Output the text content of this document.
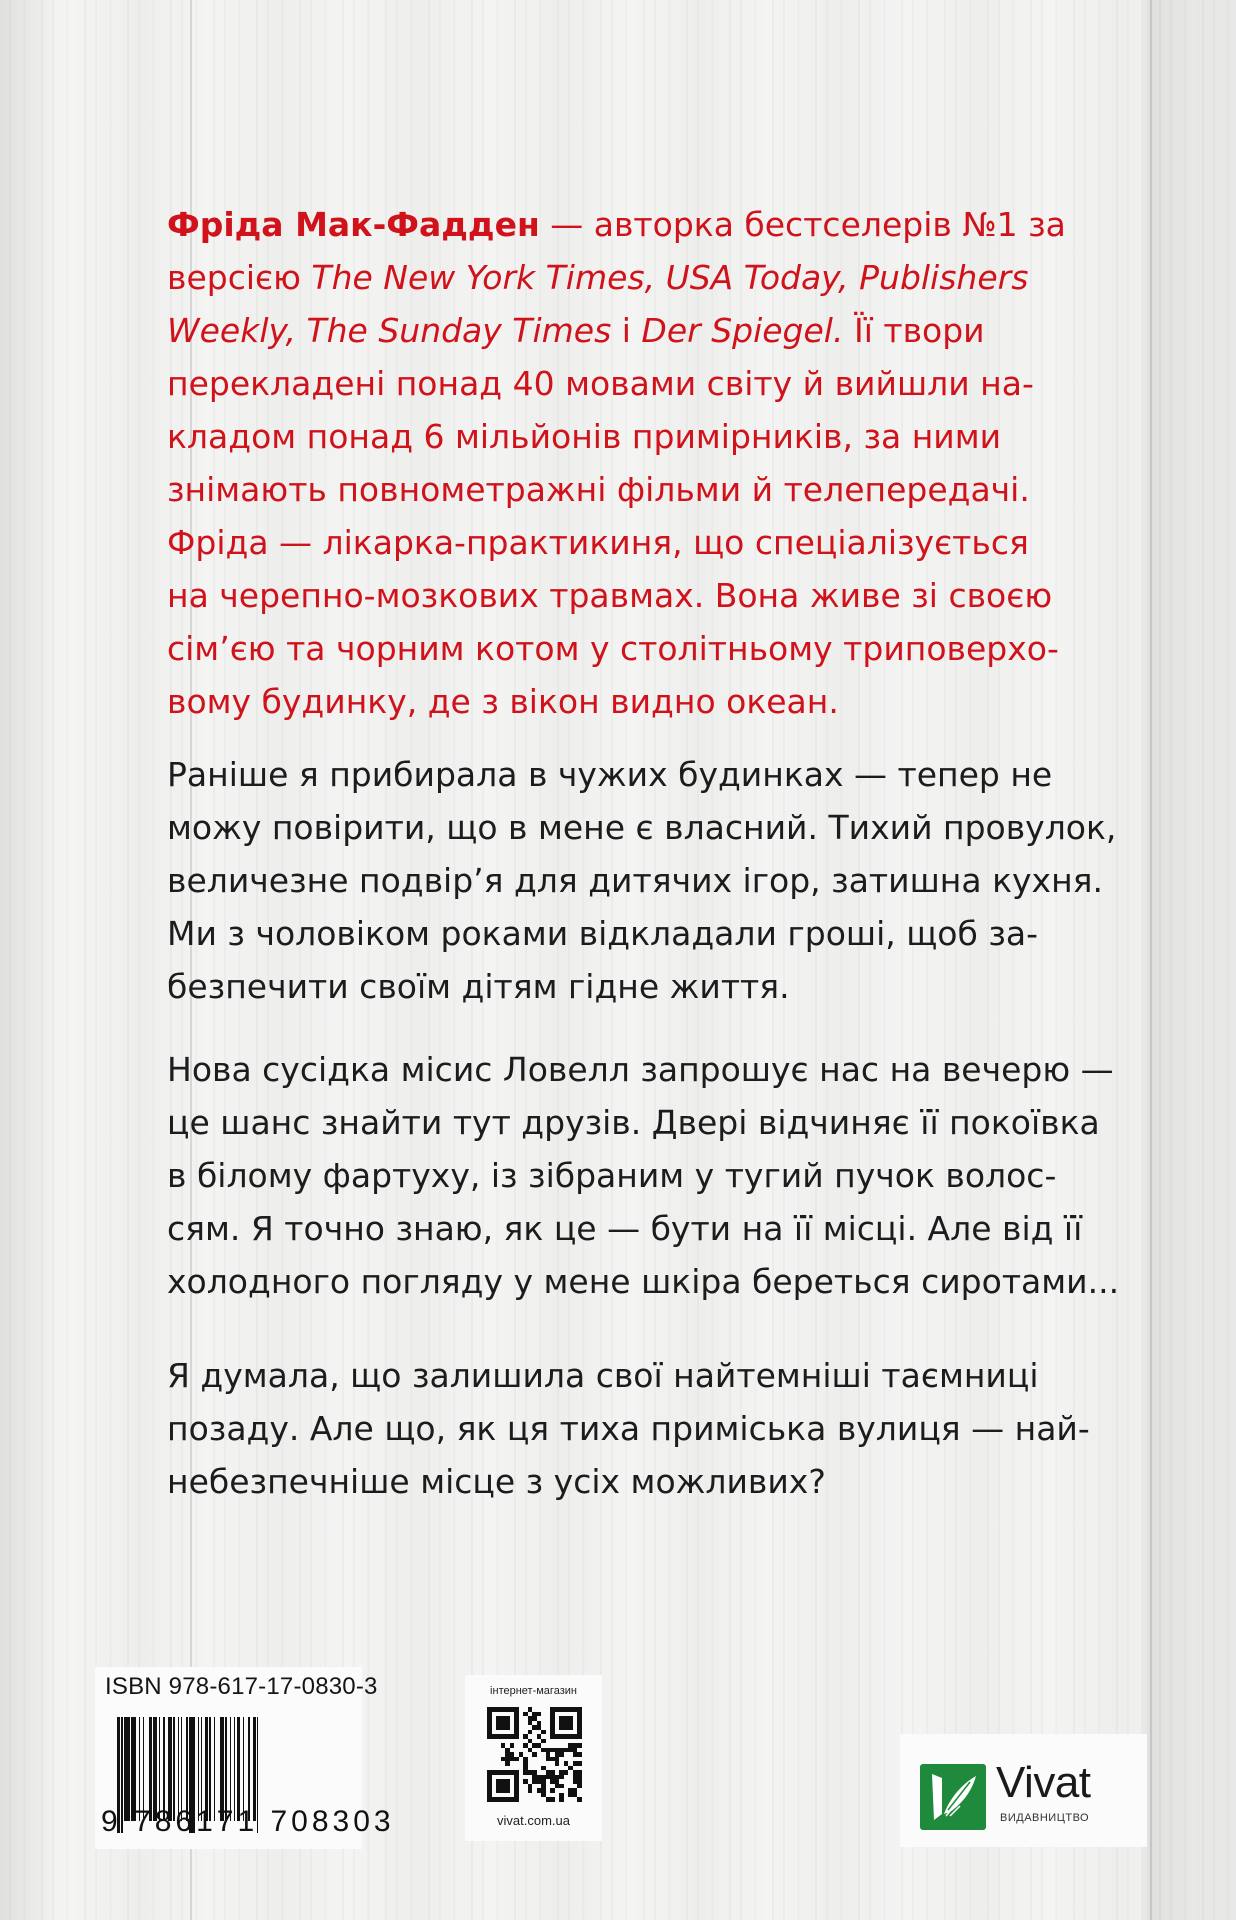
Фріда Мак-Фадден — авторка бестселерів №1 за
версією The New York Times, USA Today, Publishers
Weekly, The Sunday Times і Der Spiegel. Її твори
перекладені понад 40 мовами світу й вийшли на-
кладом понад 6 мільйонів примірників, за ними
знімають повнометражні фільми й телепередачі.
Фріда — лікарка-практикиня, що спеціалізується
на черепно-мозкових травмах. Вона живе зі своєю
сім’єю та чорним котом у столітньому триповерхо-
вому будинку, де з вікон видно океан.
Раніше я прибирала в чужих будинках — тепер не
можу повірити, що в мене є власний. Тихий провулок,
величезне подвір’я для дитячих ігор, затишна кухня.
Ми з чоловіком роками відкладали гроші, щоб за-
безпечити своїм дітям гідне життя.
Нова сусідка місис Ловелл запрошує нас на вечерю —
це шанс знайти тут друзів. Двері відчиняє її покоївка
в білому фартуху, із зібраним у тугий пучок волос-
сям. Я точно знаю, як це — бути на її місці. Але від її
холодного погляду у мене шкіра береться сиротами...
Я думала, що залишила свої найтемніші таємниці
позаду. Але що, як ця тиха приміська вулиця — най-
небезпечніше місце з усіх можливих?
ISBN 978-617-17-0830-3
9 786171 708303
інтернет-магазин
vivat.com.ua
Vivat
ВИДАВНИЦТВО
